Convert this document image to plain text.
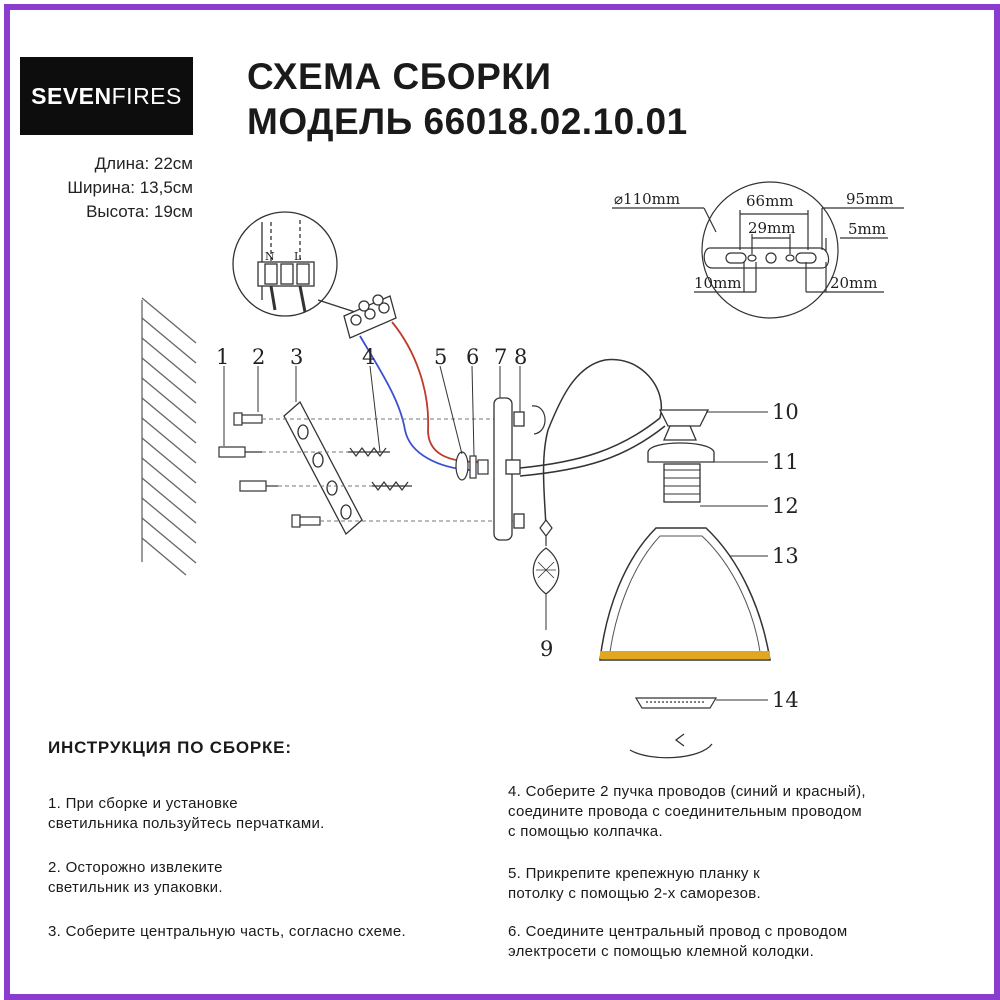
SEVENFIRES СХЕМА СБОРКИ
МОДЕЛЬ 66018.02.10.01
Длина: 22см
Ширина: 13,5см
Высота: 19см
N L
1 2 3	4	5 6 7 8
9
10
11
12
13
14
⌀110mm	66mm	95mm
29mm	5mm
10mm	20mm
ИНСТРУКЦИЯ ПО СБОРКЕ:
1. При сборке и установке
светильника пользуйтесь перчатками.
2. Осторожно извлеките
светильник из упаковки.
3. Соберите центральную часть, согласно схеме.
4. Соберите 2 пучка проводов (синий и красный),
соедините провода с соединительным проводом
с помощью колпачка.
5. Прикрепите крепежную планку к
потолку с помощью 2-х саморезов.
6. Соедините центральный провод с проводом
электросети с помощью клемной колодки.
